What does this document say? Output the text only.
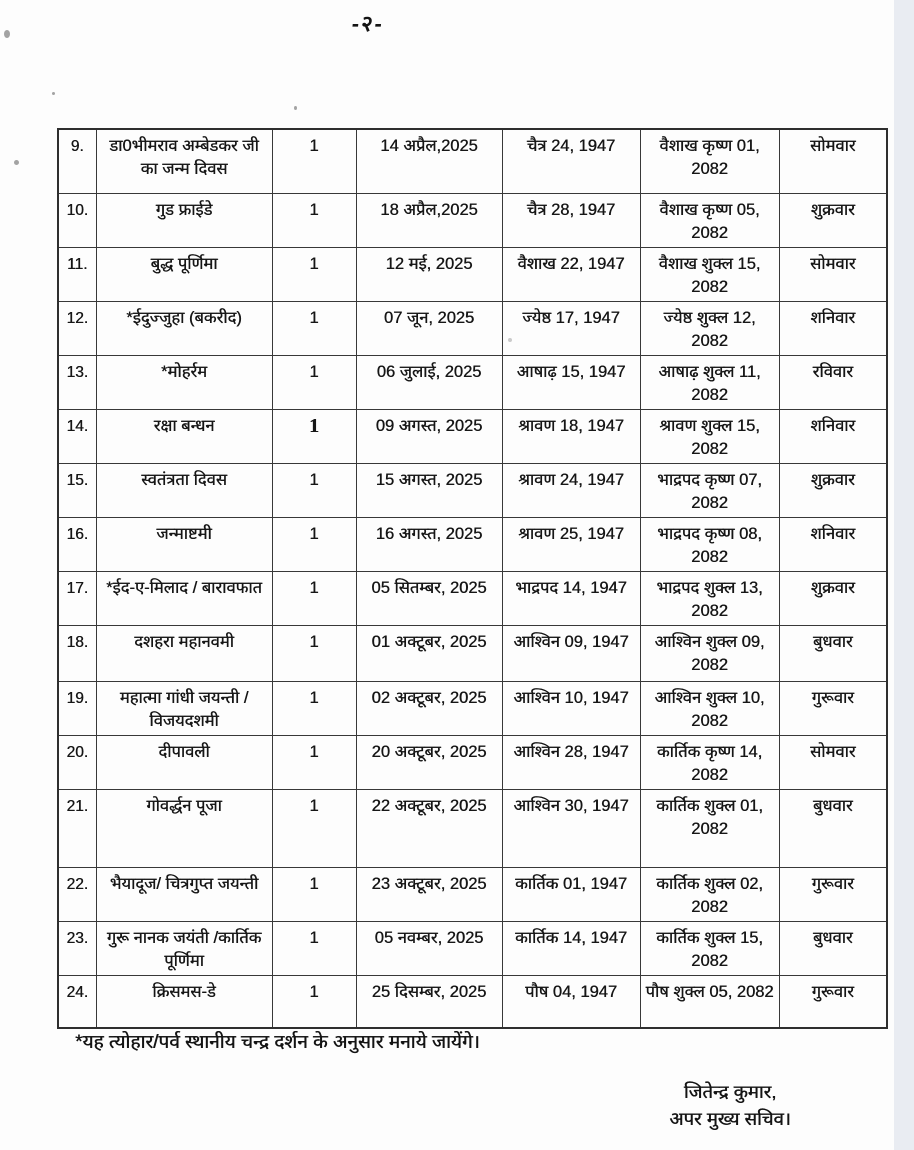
-२-
9.	डा0भीमराव अम्बेडकर जी का जन्म दिवस	1	14 अप्रैल,2025	चैत्र 24, 1947	वैशाख कृष्ण 01, 2082	सोमवार
10.	गुड फ्राईडे	1	18 अप्रैल,2025	चैत्र 28, 1947	वैशाख कृष्ण 05, 2082	शुक्रवार
11.	बुद्ध पूर्णिमा	1	12 मई, 2025	वैशाख 22, 1947	वैशाख शुक्ल 15, 2082	सोमवार
12.	*ईदुज्जुहा (बकरीद)	1	07 जून, 2025	ज्येष्ठ 17, 1947	ज्येष्ठ शुक्ल 12, 2082	शनिवार
13.	*मोहर्रम	1	06 जुलाई, 2025	आषाढ़ 15, 1947	आषाढ़ शुक्ल 11, 2082	रविवार
14.	रक्षा बन्धन	1	09 अगस्त, 2025	श्रावण 18, 1947	श्रावण शुक्ल 15, 2082	शनिवार
15.	स्वतंत्रता दिवस	1	15 अगस्त, 2025	श्रावण 24, 1947	भाद्रपद कृष्ण 07, 2082	शुक्रवार
16.	जन्माष्टमी	1	16 अगस्त, 2025	श्रावण 25, 1947	भाद्रपद कृष्ण 08, 2082	शनिवार
17.	*ईद-ए-मिलाद / बारावफात	1	05 सितम्बर, 2025	भाद्रपद 14, 1947	भाद्रपद शुक्ल 13, 2082	शुक्रवार
18.	दशहरा महानवमी	1	01 अक्टूबर, 2025	आश्विन 09, 1947	आश्विन शुक्ल 09, 2082	बुधवार
19.	महात्मा गांधी जयन्ती /विजयदशमी	1	02 अक्टूबर, 2025	आश्विन 10, 1947	आश्विन शुक्ल 10, 2082	गुरूवार
20.	दीपावली	1	20 अक्टूबर, 2025	आश्विन 28, 1947	कार्तिक कृष्ण 14, 2082	सोमवार
21.	गोवर्द्धन पूजा	1	22 अक्टूबर, 2025	आश्विन 30, 1947	कार्तिक शुक्ल 01, 2082	बुधवार
22.	भैयादूज/ चित्रगुप्त जयन्ती	1	23 अक्टूबर, 2025	कार्तिक 01, 1947	कार्तिक शुक्ल 02, 2082	गुरूवार
23.	गुरू नानक जयंती /कार्तिक पूर्णिमा	1	05 नवम्बर, 2025	कार्तिक 14, 1947	कार्तिक शुक्ल 15, 2082	बुधवार
24.	क्रिसमस-डे	1	25 दिसम्बर, 2025	पौष 04, 1947	पौष शुक्ल 05, 2082	गुरूवार
*यह त्योहार/पर्व स्थानीय चन्द्र दर्शन के अनुसार मनाये जायेंगे।
जितेन्द्र कुमार,
अपर मुख्य सचिव।
